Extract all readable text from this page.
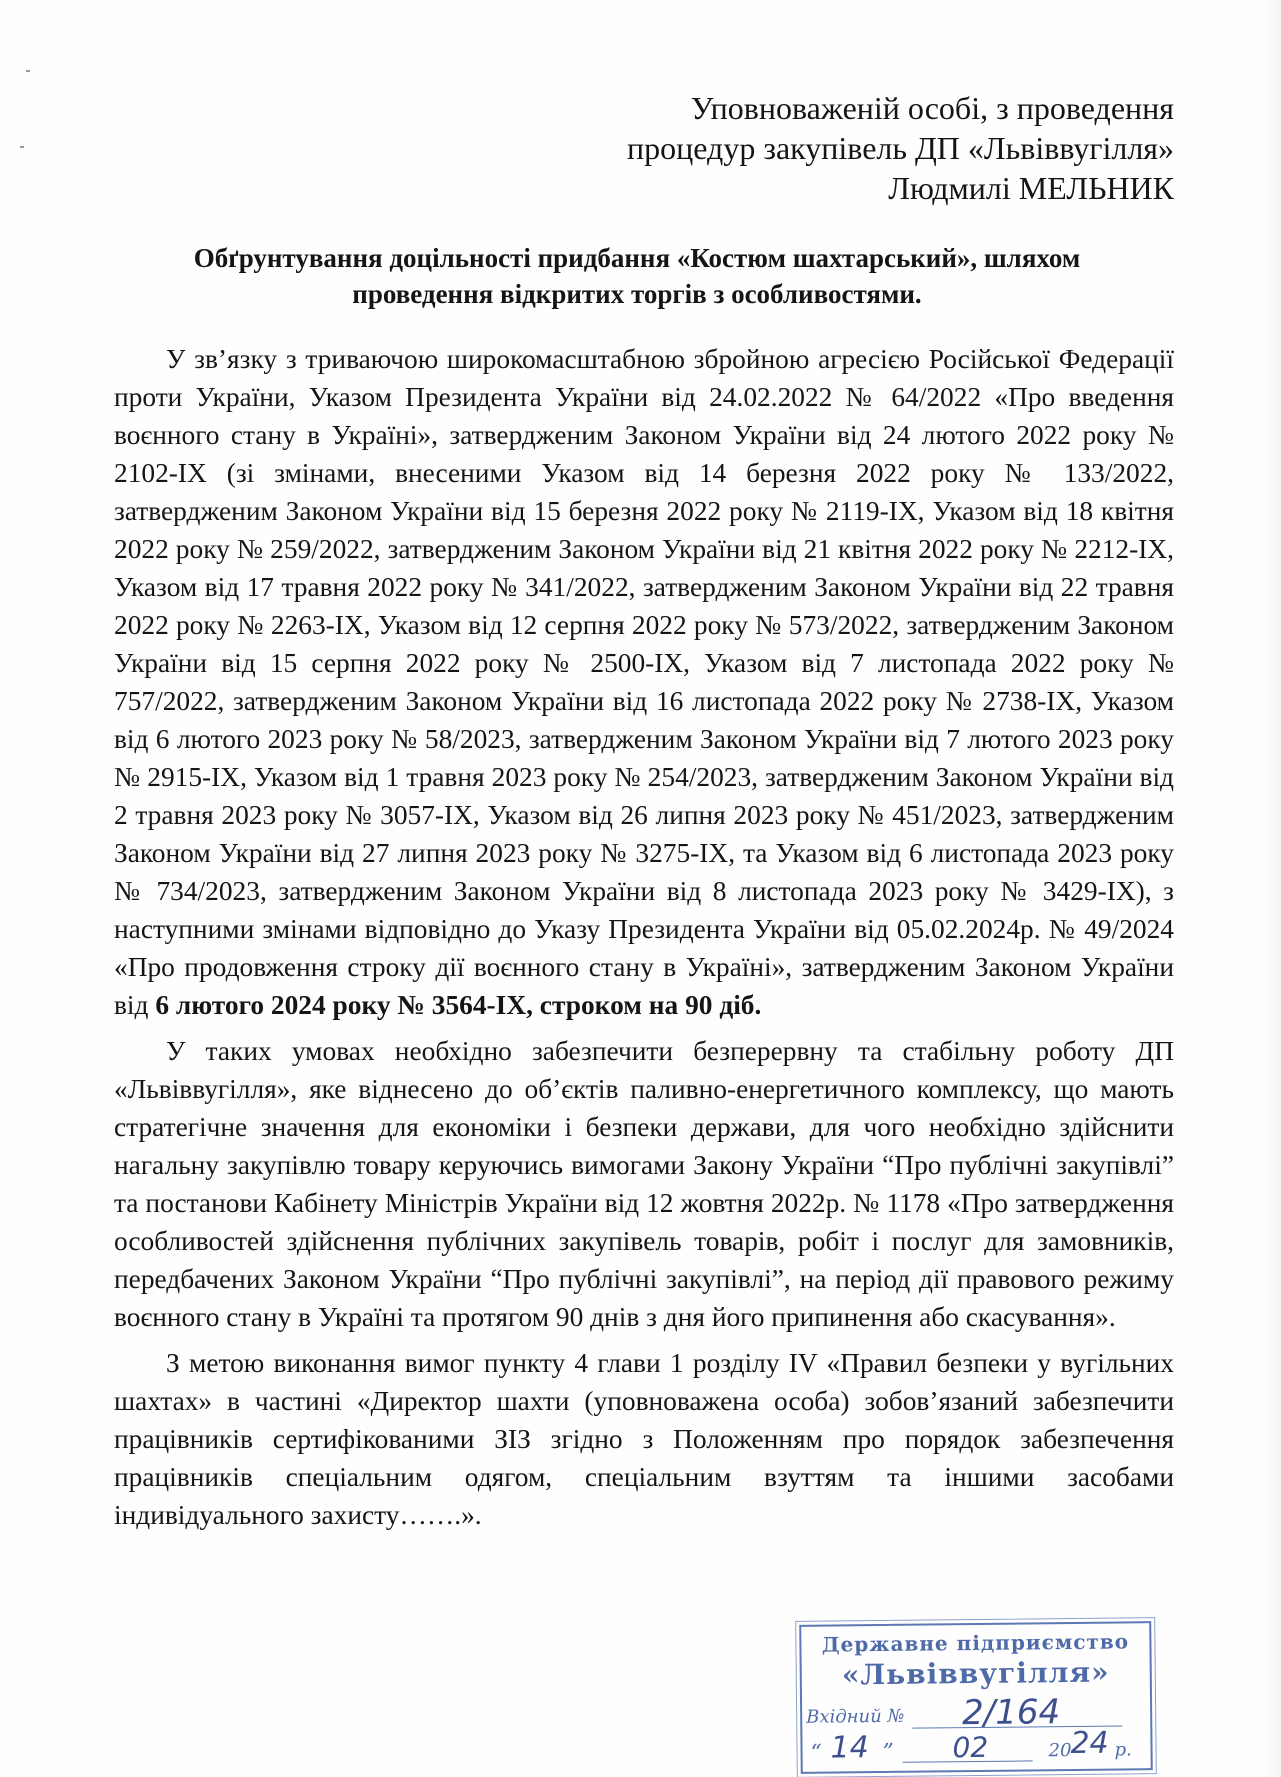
Уповноваженій особі, з проведення
процедур закупівель ДП «Львіввугілля»
Людмилі МЕЛЬНИК
Обґрунтування доцільності придбання «Костюм шахтарський», шляхом
проведення відкритих торгів з особливостями.

У зв’язку з триваючою широкомасштабною збройною агресією Російської Федерації проти України, Указом Президента України від 24.02.2022 № 64/2022 «Про введення воєнного стану в Україні», затвердженим Законом України від 24 лютого 2022 року № 2102-IX (зі змінами, внесеними Указом від 14 березня 2022 року № 133/2022, затвердженим Законом України від 15 березня 2022 року № 2119-IX, Указом від 18 квітня 2022 року № 259/2022, затвердженим Законом України від 21 квітня 2022 року № 2212-IX, Указом від 17 травня 2022 року № 341/2022, затвердженим Законом України від 22 травня 2022 року № 2263-IX, Указом від 12 серпня 2022 року № 573/2022, затвердженим Законом України від 15 серпня 2022 року № 2500-IX, Указом від 7 листопада 2022 року № 757/2022, затвердженим Законом України від 16 листопада 2022 року № 2738-IX, Указом від 6 лютого 2023 року № 58/2023, затвердженим Законом України від 7 лютого 2023 року № 2915-IX, Указом від 1 травня 2023 року № 254/2023, затвердженим Законом України від 2 травня 2023 року № 3057-IX, Указом від 26 липня 2023 року № 451/2023, затвердженим Законом України від 27 липня 2023 року № 3275-IX, та Указом від 6 листопада 2023 року № 734/2023, затвердженим Законом України від 8 листопада 2023 року № 3429-IX), з наступними змінами відповідно до Указу Президента України від 05.02.2024р. № 49/2024 «Про продовження строку дії воєнного стану в Україні», затвердженим Законом України від 6 лютого 2024 року № 3564-IX, строком на 90 діб.

У таких умовах необхідно забезпечити безперервну та стабільну роботу ДП «Львіввугілля», яке віднесено до об’єктів паливно-енергетичного комплексу, що мають стратегічне значення для економіки і безпеки держави, для чого необхідно здійснити нагальну закупівлю товару керуючись вимогами Закону України “Про публічні закупівлі” та постанови Кабінету Міністрів України від 12 жовтня 2022р. № 1178 «Про затвердження особливостей здійснення публічних закупівель товарів, робіт і послуг для замовників, передбачених Законом України “Про публічні закупівлі”, на період дії правового режиму воєнного стану в Україні та протягом 90 днів з дня його припинення або скасування».

З метою виконання вимог пункту 4 глави 1 розділу IV «Правил безпеки у вугільних шахтах» в частині «Директор шахти (уповноважена особа) зобов’язаний забезпечити працівників сертифікованими ЗІЗ згідно з Положенням про порядок забезпечення працівників спеціальним одягом, спеціальним взуттям та іншими засобами індивідуального захисту…….».

Державне підприємство
«Львіввугілля»
Вхідний № 2/164
“ 14 ” 02	20
24 р.
